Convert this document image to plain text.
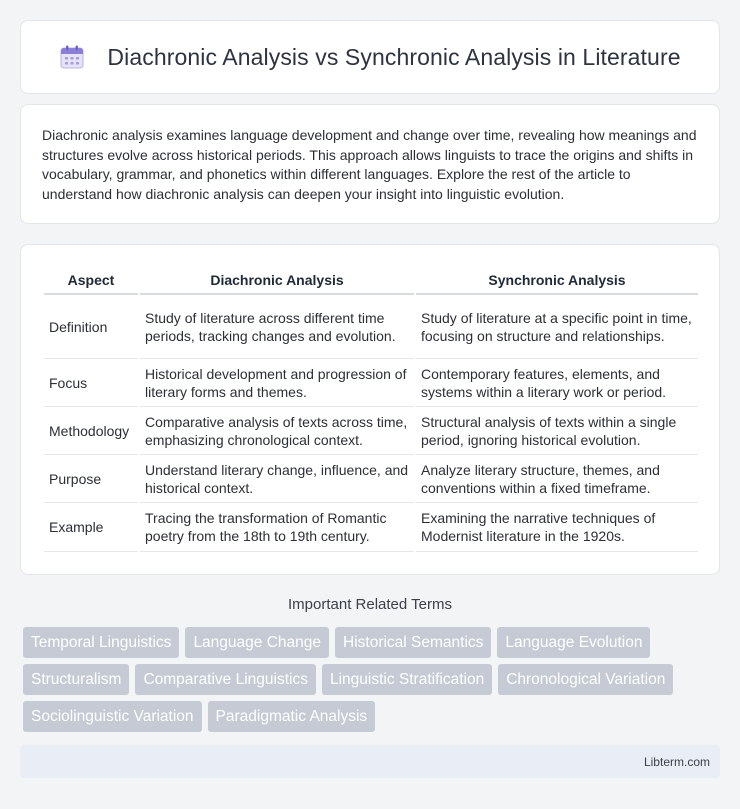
Diachronic Analysis vs Synchronic Analysis in Literature

Diachronic analysis examines language development and change over time, revealing how meanings and structures evolve across historical periods. This approach allows linguists to trace the origins and shifts in vocabulary, grammar, and phonetics within different languages. Explore the rest of the article to understand how diachronic analysis can deepen your insight into linguistic evolution.

Aspect	Diachronic Analysis	Synchronic Analysis
Definition	Study of literature across different time periods, tracking changes and evolution.	Study of literature at a specific point in time, focusing on structure and relationships.
Focus	Historical development and progression of literary forms and themes.	Contemporary features, elements, and systems within a literary work or period.
Methodology	Comparative analysis of texts across time, emphasizing chronological context.	Structural analysis of texts within a single period, ignoring historical evolution.
Purpose	Understand literary change, influence, and historical context.	Analyze literary structure, themes, and conventions within a fixed timeframe.
Example	Tracing the transformation of Romantic poetry from the 18th to 19th century.	Examining the narrative techniques of Modernist literature in the 1920s.
Important Related Terms
Temporal Linguistics	Language Change	Historical Semantics	Language Evolution
Structuralism	Comparative Linguistics	Linguistic Stratification	Chronological Variation
Sociolinguistic Variation	Paradigmatic Analysis
Libterm.com
